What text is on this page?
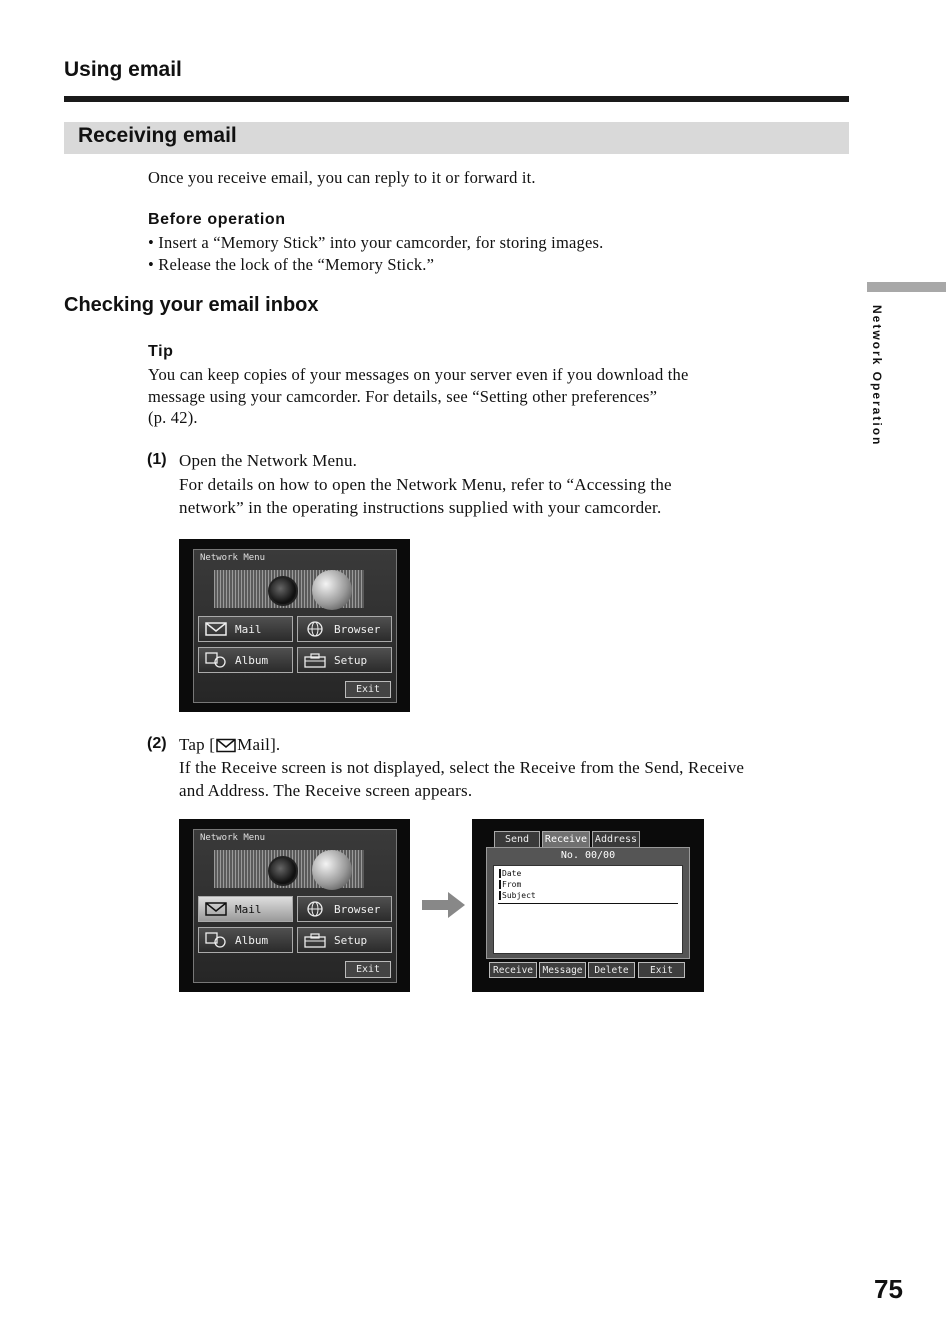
Using email
Receiving email
Once you receive email, you can reply to it or forward it.
Before operation
• Insert a “Memory Stick” into your camcorder, for storing images.
• Release the lock of the “Memory Stick.”
Checking your email inbox
Tip
You can keep copies of your messages on your server even if you download the
message using your camcorder. For details, see “Setting other preferences”
(p. 42).
(1) Open the Network Menu.
For details on how to open the Network Menu, refer to “Accessing the
network” in the operating instructions supplied with your camcorder.
Network Menu
Mail	Browser
Album	Setup
Exit
(2) Tap [ Mail].
If the Receive screen is not displayed, select the Receive from the Send, Receive
and Address. The Receive screen appears.
Network Menu
Mail	Browser
Album	Setup
Exit
Send	Receive Address
No. 00/00
Date
From
Subject
Receive Message	Delete	Exit
Network Operation
75
